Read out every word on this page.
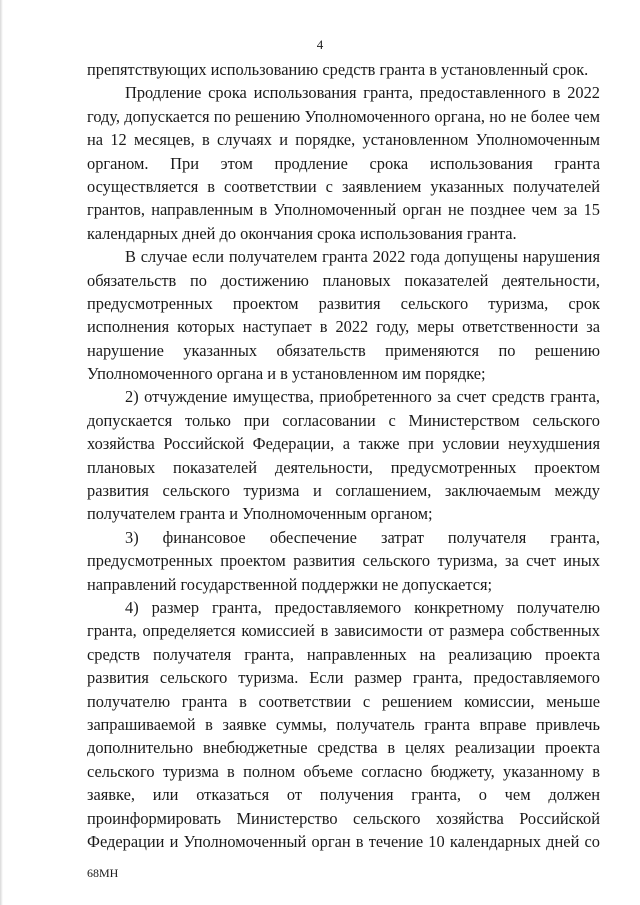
4
препятствующих использованию средств гранта в установленный срок.
Продление срока использования гранта, предоставленного в 2022
году, допускается по решению Уполномоченного органа, но не более чем
на 12 месяцев, в случаях и порядке, установленном Уполномоченным
органом. При этом продление срока использования гранта
осуществляется в соответствии с заявлением указанных получателей
грантов, направленным в Уполномоченный орган не позднее чем за 15
календарных дней до окончания срока использования гранта.
В случае если получателем гранта 2022 года допущены нарушения
обязательств по достижению плановых показателей деятельности,
предусмотренных проектом развития сельского туризма, срок
исполнения которых наступает в 2022 году, меры ответственности за
нарушение указанных обязательств применяются по решению
Уполномоченного органа и в установленном им порядке;
2) отчуждение имущества, приобретенного за счет средств гранта,
допускается только при согласовании с Министерством сельского
хозяйства Российской Федерации, а также при условии неухудшения
плановых показателей деятельности, предусмотренных проектом
развития сельского туризма и соглашением, заключаемым между
получателем гранта и Уполномоченным органом;
3) финансовое обеспечение затрат получателя гранта,
предусмотренных проектом развития сельского туризма, за счет иных
направлений государственной поддержки не допускается;
4) размер гранта, предоставляемого конкретному получателю
гранта, определяется комиссией в зависимости от размера собственных
средств получателя гранта, направленных на реализацию проекта
развития сельского туризма. Если размер гранта, предоставляемого
получателю гранта в соответствии с решением комиссии, меньше
запрашиваемой в заявке суммы, получатель гранта вправе привлечь
дополнительно внебюджетные средства в целях реализации проекта
сельского туризма в полном объеме согласно бюджету, указанному в
заявке, или отказаться от получения гранта, о чем должен
проинформировать Министерство сельского хозяйства Российской
Федерации и Уполномоченный орган в течение 10 календарных дней со
68МН
